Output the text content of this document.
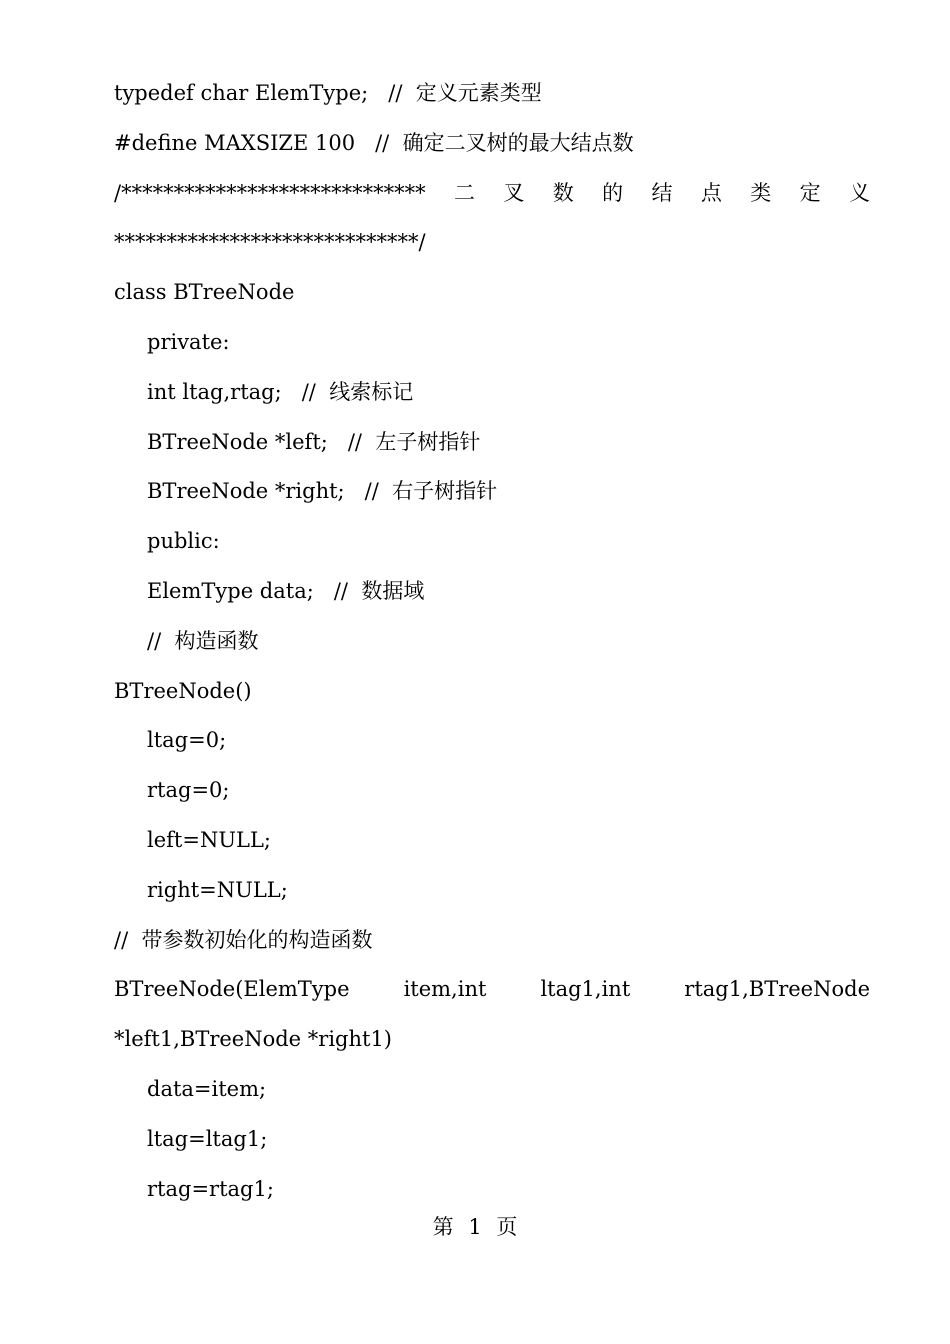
typedef char ElemType;   //  定义元素类型
#define MAXSIZE 100   //  确定二叉树的最大结点数
/***************************** 二 叉 数 的 结 点 类 定 义
*****************************/
class BTreeNode
private:
int ltag,rtag;   //  线索标记
BTreeNode *left;   //  左子树指针
BTreeNode *right;   //  右子树指针
public:
ElemType data;   //  数据域
//  构造函数
BTreeNode()
ltag=0;
rtag=0;
left=NULL;
right=NULL;
//  带参数初始化的构造函数
BTreeNode(ElemType	item,int	ltag1,int	rtag1,BTreeNode
*left1,BTreeNode *right1)
data=item;
ltag=ltag1;
rtag=rtag1;
第 1 页
